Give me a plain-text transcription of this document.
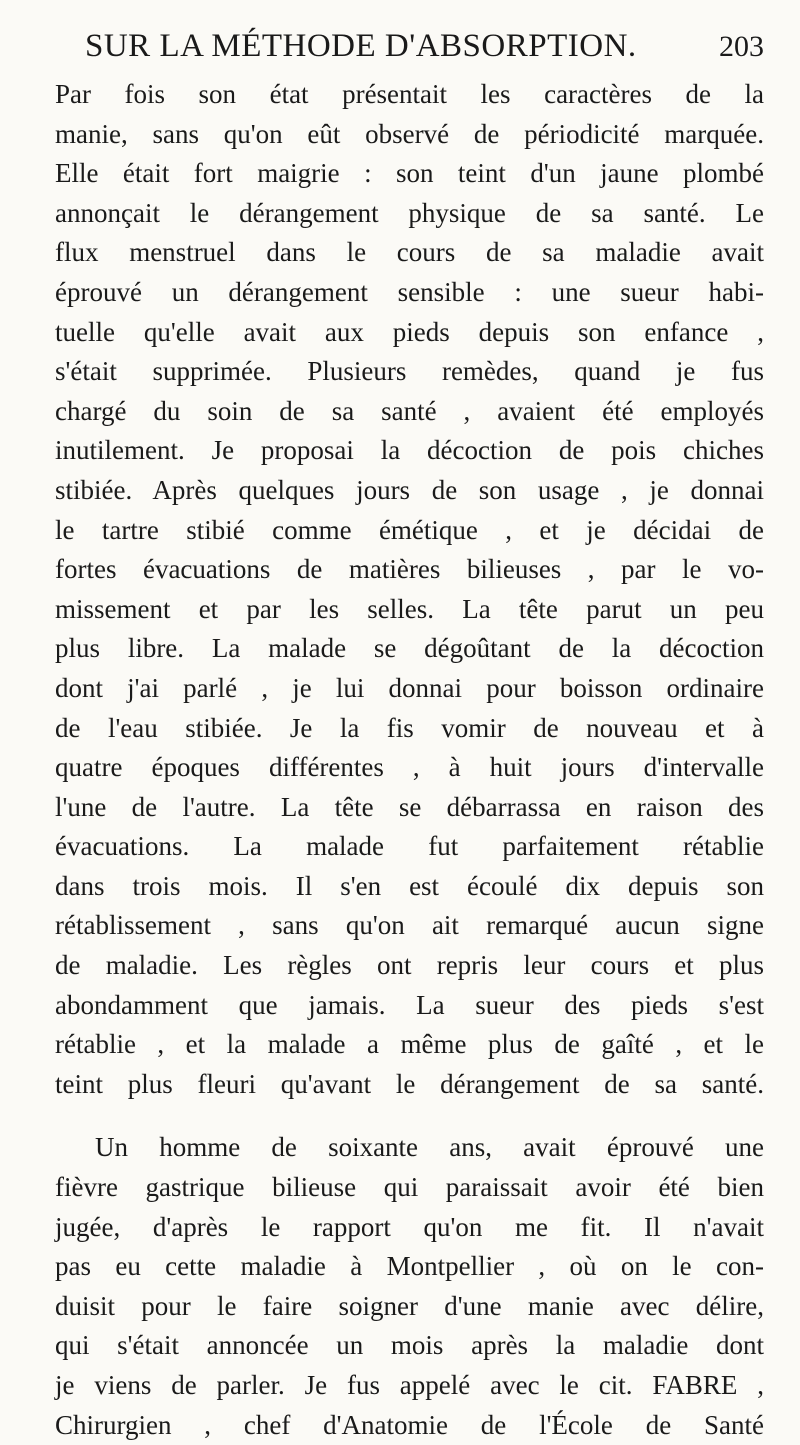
SUR LA MÉTHODE D'ABSORPTION.	203
Par fois son état présentait les caractères de la
manie, sans qu'on eût observé de périodicité marquée.
Elle était fort maigrie : son teint d'un jaune plombé
annonçait le dérangement physique de sa santé. Le
flux menstruel dans le cours de sa maladie avait
éprouvé un dérangement sensible : une sueur habi-
tuelle qu'elle avait aux pieds depuis son enfance ,
s'était supprimée. Plusieurs remèdes, quand je fus
chargé du soin de sa santé , avaient été employés
inutilement. Je proposai la décoction de pois chiches
stibiée. Après quelques jours de son usage , je donnai
le tartre stibié comme émétique , et je décidai de
fortes évacuations de matières bilieuses , par le vo-
missement et par les selles. La tête parut un peu
plus libre. La malade se dégoûtant de la décoction
dont j'ai parlé , je lui donnai pour boisson ordinaire
de l'eau stibiée. Je la fis vomir de nouveau et à
quatre époques différentes , à huit jours d'intervalle
l'une de l'autre. La tête se débarrassa en raison des
évacuations. La malade fut parfaitement rétablie
dans trois mois. Il s'en est écoulé dix depuis son
rétablissement , sans qu'on ait remarqué aucun signe
de maladie. Les règles ont repris leur cours et plus
abondamment que jamais. La sueur des pieds s'est
rétablie , et la malade a même plus de gaîté , et le
teint plus fleuri qu'avant le dérangement de sa santé.
Un homme de soixante ans, avait éprouvé une
fièvre gastrique bilieuse qui paraissait avoir été bien
jugée, d'après le rapport qu'on me fit. Il n'avait
pas eu cette maladie à Montpellier , où on le con-
duisit pour le faire soigner d'une manie avec délire,
qui s'était annoncée un mois après la maladie dont
je viens de parler. Je fus appelé avec le cit. FABRE ,
Chirurgien , chef d'Anatomie de l'École de Santé
